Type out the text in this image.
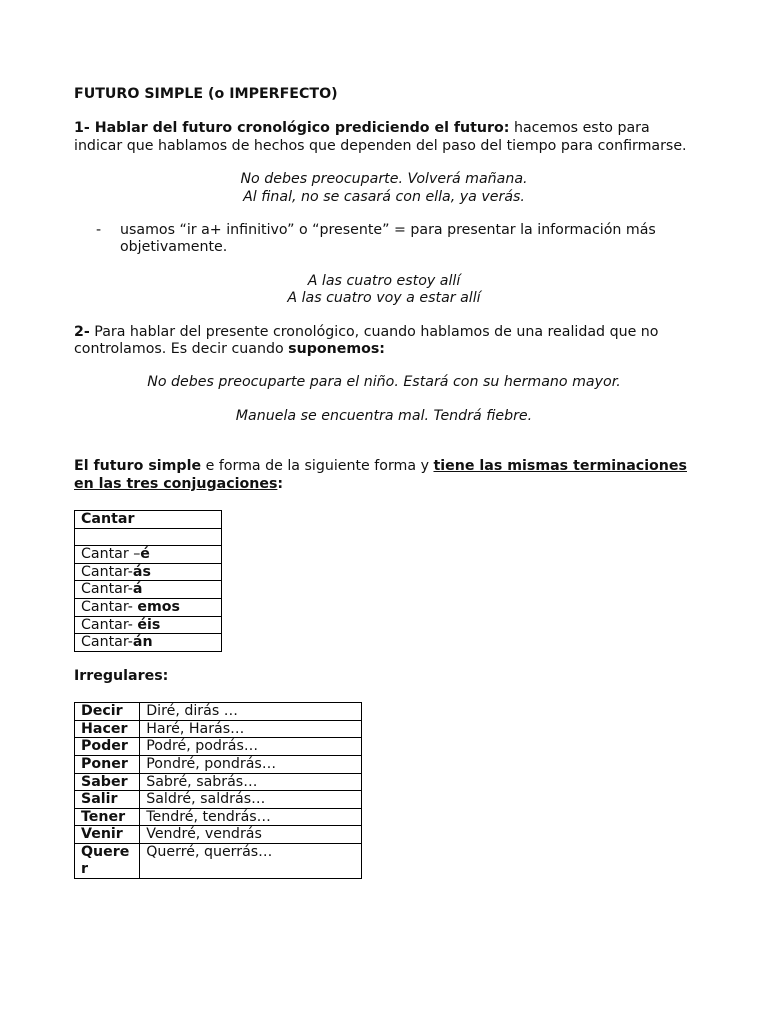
FUTURO SIMPLE (o IMPERFECTO)

1- Hablar del futuro cronológico prediciendo el futuro: hacemos esto para indicar que hablamos de hechos que dependen del paso del tiempo para confirmarse.

No debes preocuparte. Volverá mañana.

Al final, no se casará con ella, ya verás.

- usamos “ir a+ infinitivo” o “presente” = para presentar la información más objetivamente.

A las cuatro estoy allí

A las cuatro voy a estar allí

2- Para hablar del presente cronológico, cuando hablamos de una realidad que no controlamos. Es decir cuando suponemos:

No debes preocuparte para el niño. Estará con su hermano mayor.

Manuela se encuentra mal. Tendrá fiebre.

El futuro simple e forma de la siguiente forma y tiene las mismas terminaciones en las tres conjugaciones:

Cantar

Cantar –é
Cantar-ás
Cantar-á
Cantar- emos
Cantar- éis
Cantar-án

Irregulares:

Decir	Diré, dirás …
Hacer	Haré, Harás…
Poder	Podré, podrás…
Poner	Pondré, pondrás…
Saber	Sabré, sabrás…
Salir	Saldré, saldrás…
Tener	Tendré, tendrás…
Venir	Vendré, vendrás
Querer	Querré, querrás…
